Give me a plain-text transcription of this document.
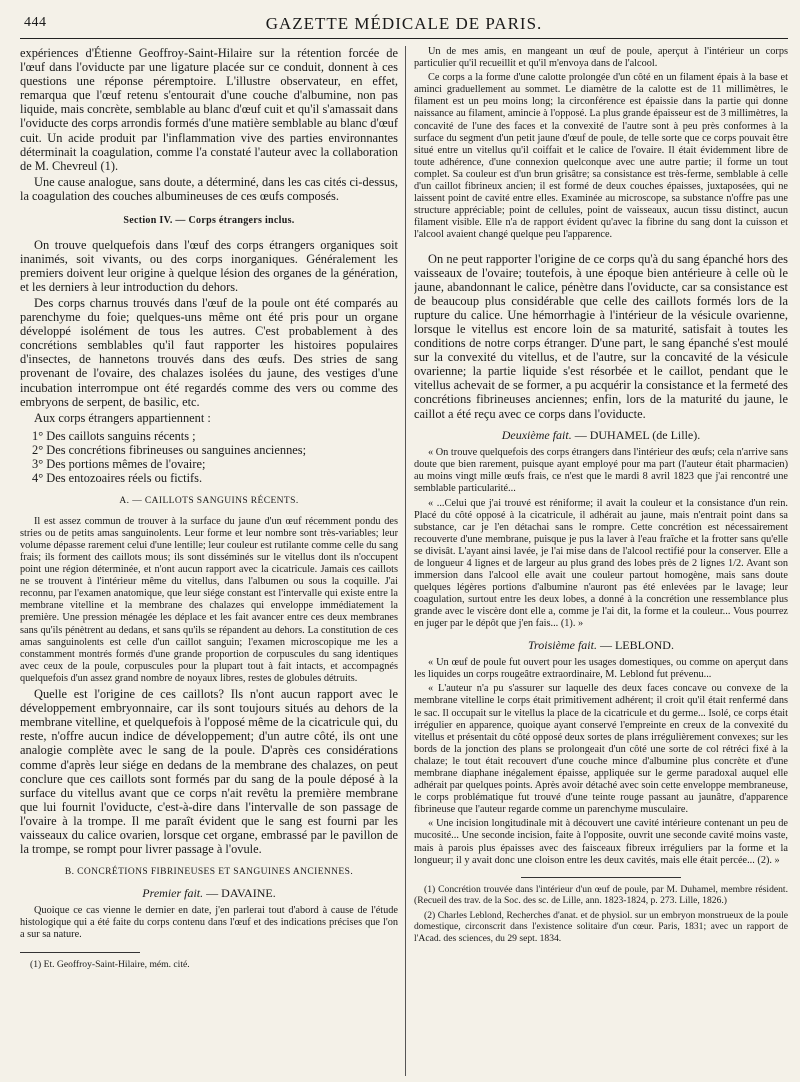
444	GAZETTE MÉDICALE DE PARIS.

expériences d'Étienne Geoffroy-Saint-Hilaire sur la rétention forcée de l'œuf dans l'oviducte par une ligature placée sur ce conduit, donnent à ces questions une réponse péremptoire. L'illustre observateur, en effet, remarqua que l'œuf retenu s'entourait d'une couche d'albumine, non pas liquide, mais concrète, semblable au blanc d'œuf cuit et qu'il s'amassait dans l'oviducte des corps arrondis formés d'une matière semblable au blanc d'œuf cuit. Un acide produit par l'inflammation vive des parties environnantes déterminait la coagulation, comme l'a constaté l'auteur avec la collaboration de M. Chevreul (1).

Une cause analogue, sans doute, a déterminé, dans les cas cités ci-dessus, la coagulation des couches albumineuses de ces œufs composés.

Section IV. — Corps étrangers inclus.

On trouve quelquefois dans l'œuf des corps étrangers organiques soit inanimés, soit vivants, ou des corps inorganiques. Généralement les premiers doivent leur origine à quelque lésion des organes de la génération, et les derniers à leur introduction du dehors.

Des corps charnus trouvés dans l'œuf de la poule ont été comparés au parenchyme du foie; quelques-uns même ont été pris pour un organe développé isolément de tous les autres. C'est probablement à des concrétions semblables qu'il faut rapporter les histoires populaires d'insectes, de hannetons trouvés dans des œufs. Des stries de sang provenant de l'ovaire, des chalazes isolées du jaune, des vestiges d'une incubation interrompue ont été regardés comme des vers ou comme des embryons de serpent, de basilic, etc.

Aux corps étrangers appartiennent :

1° Des caillots sanguins récents ;
2° Des concrétions fibrineuses ou sanguines anciennes;
3° Des portions mêmes de l'ovaire;
4° Des entozoaires réels ou fictifs.
A. — CAILLOTS SANGUINS RÉCENTS.

Il est assez commun de trouver à la surface du jaune d'un œuf récemment pondu des stries ou de petits amas sanguinolents. Leur forme et leur nombre sont très-variables; leur volume dépasse rarement celui d'une lentille; leur couleur est rutilante comme celle du sang frais; ils forment des caillots mous; ils sont disséminés sur le vitellus dont ils n'occupent point une région déterminée, et n'ont aucun rapport avec la cicatricule. Jamais ces caillots ne se trouvent à l'intérieur même du vitellus, dans l'albumen ou sous la coquille. J'ai reconnu, par l'examen anatomique, que leur siége constant est l'intervalle qui existe entre la membrane vitelline et la membrane des chalazes qui enveloppe immédiatement la première. Une pression ménagée les déplace et les fait avancer entre ces deux membranes sans qu'ils pénètrent au dedans, et sans qu'ils se répandent au dehors. La constitution de ces amas sanguinolents est celle d'un caillot sanguin; l'examen microscopique me les a constamment montrés formés d'une grande proportion de corpuscules du sang identiques avec ceux de la poule, corpuscules pour la plupart tout à fait intacts, et accompagnés quelquefois d'un assez grand nombre de noyaux libres, restes de globules détruits.

Quelle est l'origine de ces caillots? Ils n'ont aucun rapport avec le développement embryonnaire, car ils sont toujours situés au dehors de la membrane vitelline, et quelquefois à l'opposé même de la cicatricule qui, du reste, n'offre aucun indice de développement; d'un autre côté, ils ont une analogie complète avec le sang de la poule. D'après ces considérations comme d'après leur siége en dedans de la membrane des chalazes, on peut conclure que ces caillots sont formés par du sang de la poule déposé à la surface du vitellus avant que ce corps n'ait revêtu la première membrane que lui fournit l'oviducte, c'est-à-dire dans l'intervalle de son passage de l'ovaire à la trompe. Il me paraît évident que le sang est fourni par les vaisseaux du calice ovarien, lorsque cet organe, embrassé par le pavillon de la trompe, se rompt pour livrer passage à l'ovule.

B. CONCRÉTIONS FIBRINEUSES ET SANGUINES ANCIENNES.
Premier fait. — DAVAINE.

Quoique ce cas vienne le dernier en date, j'en parlerai tout d'abord à cause de l'étude histologique qui a été faite du corps contenu dans l'œuf et des indications précises que l'on a sur sa nature.

(1) Et. Geoffroy-Saint-Hilaire, mém. cité.

Un de mes amis, en mangeant un œuf de poule, aperçut à l'intérieur un corps particulier qu'il recueillit et qu'il m'envoya dans de l'alcool.

Ce corps a la forme d'une calotte prolongée d'un côté en un filament épais à la base et aminci graduellement au sommet. Le diamètre de la calotte est de 11 millimètres, le filament est un peu moins long; la circonférence est épaissie dans la partie qui donne naissance au filament, amincie à l'opposé. La plus grande épaisseur est de 3 millimètres, la concavité de l'une des faces et la convexité de l'autre sont à peu près conformes à la surface du segment d'un petit jaune d'œuf de poule, de telle sorte que ce corps pouvait être situé entre un vitellus qu'il coiffait et le calice de l'ovaire. Il était évidemment libre de toute adhérence, d'une connexion quelconque avec une autre partie; il forme un tout complet. Sa couleur est d'un brun grisâtre; sa consistance est très-ferme, semblable à celle d'un caillot fibrineux ancien; il est formé de deux couches épaisses, juxtaposées, qui ne laissent point de cavité entre elles. Examinée au microscope, sa substance n'offre pas une structure appréciable; point de cellules, point de vaisseaux, aucun tissu distinct, aucun filament visible. Elle n'a de rapport évident qu'avec la fibrine du sang dont la cuisson et l'alcool avaient changé quelque peu l'apparence.

On ne peut rapporter l'origine de ce corps qu'à du sang épanché hors des vaisseaux de l'ovaire; toutefois, à une époque bien antérieure à celle où le jaune, abandonnant le calice, pénètre dans l'oviducte, car sa consistance est de beaucoup plus considérable que celle des caillots formés lors de la rupture du calice. Une hémorrhagie à l'intérieur de la vésicule ovarienne, lorsque le vitellus est encore loin de sa maturité, satisfait à toutes les conditions de notre corps étranger. D'une part, le sang épanché s'est moulé sur la convexité du vitellus, et de l'autre, sur la concavité de la vésicule ovarienne; la partie liquide s'est résorbée et le caillot, pendant que le vitellus achevait de se former, a pu acquérir la consistance et la fermeté des concrétions fibrineuses anciennes; enfin, lors de la maturité du jaune, le caillot a été reçu avec ce corps dans l'oviducte.

Deuxième fait. — DUHAMEL (de Lille).

« On trouve quelquefois des corps étrangers dans l'intérieur des œufs; cela n'arrive sans doute que bien rarement, puisque ayant employé pour ma part (l'auteur était pharmacien) au moins vingt mille œufs frais, ce n'est que le mardi 8 avril 1823 que j'ai rencontré une semblable particularité...

« ...Celui que j'ai trouvé est réniforme; il avait la couleur et la consistance d'un rein. Placé du côté opposé à la cicatricule, il adhérait au jaune, mais n'entrait point dans sa substance, car je l'en détachai sans le rompre. Cette concrétion est nécessairement recouverte d'une membrane, puisque je pus la laver à l'eau fraîche et la frotter sans qu'elle se divisât. L'ayant ainsi lavée, je l'ai mise dans de l'alcool rectifié pour la conserver. Elle a de longueur 4 lignes et de largeur au plus grand des lobes près de 2 lignes 1/2. Avant son immersion dans l'alcool elle avait une couleur partout homogène, mais sans doute quelques légères portions d'albumine n'auront pas été enlevées par le lavage; leur coagulation, surtout entre les deux lobes, a donné à la concrétion une ressemblance plus grande avec le viscère dont elle a, comme je l'ai dit, la forme et la couleur... Vous pourrez en juger par le dépôt que j'en fais... (1). »

Troisième fait. — LEBLOND.

« Un œuf de poule fut ouvert pour les usages domestiques, ou comme on aperçut dans les liquides un corps rougeâtre extraordinaire, M. Leblond fut prévenu...

« L'auteur n'a pu s'assurer sur laquelle des deux faces concave ou convexe de la membrane vitelline le corps était primitivement adhérent; il croit qu'il était renfermé dans le sac. Il occupait sur le vitellus la place de la cicatricule et du germe... Isolé, ce corps était irrégulier en apparence, quoique ayant conservé l'empreinte en creux de la convexité du vitellus et présentait du côté opposé deux sortes de plans irrégulièrement convexes; sur les bords de la jonction des plans se prolongeait d'un côté une sorte de col rétréci fixé à la chalaze; le tout était recouvert d'une couche mince d'albumine plus concrète et d'une membrane diaphane inégalement épaisse, appliquée sur le germe paradoxal auquel elle adhérait par quelques points. Après avoir détaché avec soin cette enveloppe membraneuse, le corps problématique fut trouvé d'une teinte rouge passant au jaunâtre, d'apparence fibrineuse que l'auteur regarde comme un parenchyme musculaire.

« Une incision longitudinale mit à découvert une cavité intérieure contenant un peu de mucosité... Une seconde incision, faite à l'opposite, ouvrit une seconde cavité moins vaste, mais à parois plus épaisses avec des faisceaux fibreux irréguliers par la forme et la longueur; il y avait donc une cloison entre les deux cavités, mais elle était percée... (2). »

(1) Concrétion trouvée dans l'intérieur d'un œuf de poule, par M. Duhamel, membre résident. (Recueil des trav. de la Soc. des sc. de Lille, ann. 1823-1824, p. 273. Lille, 1826.)

(2) Charles Leblond, Recherches d'anat. et de physiol. sur un embryon monstrueux de la poule domestique, circonscrit dans l'existence solitaire d'un cœur. Paris, 1831; avec un rapport de l'Acad. des sciences, du 29 sept. 1834.
